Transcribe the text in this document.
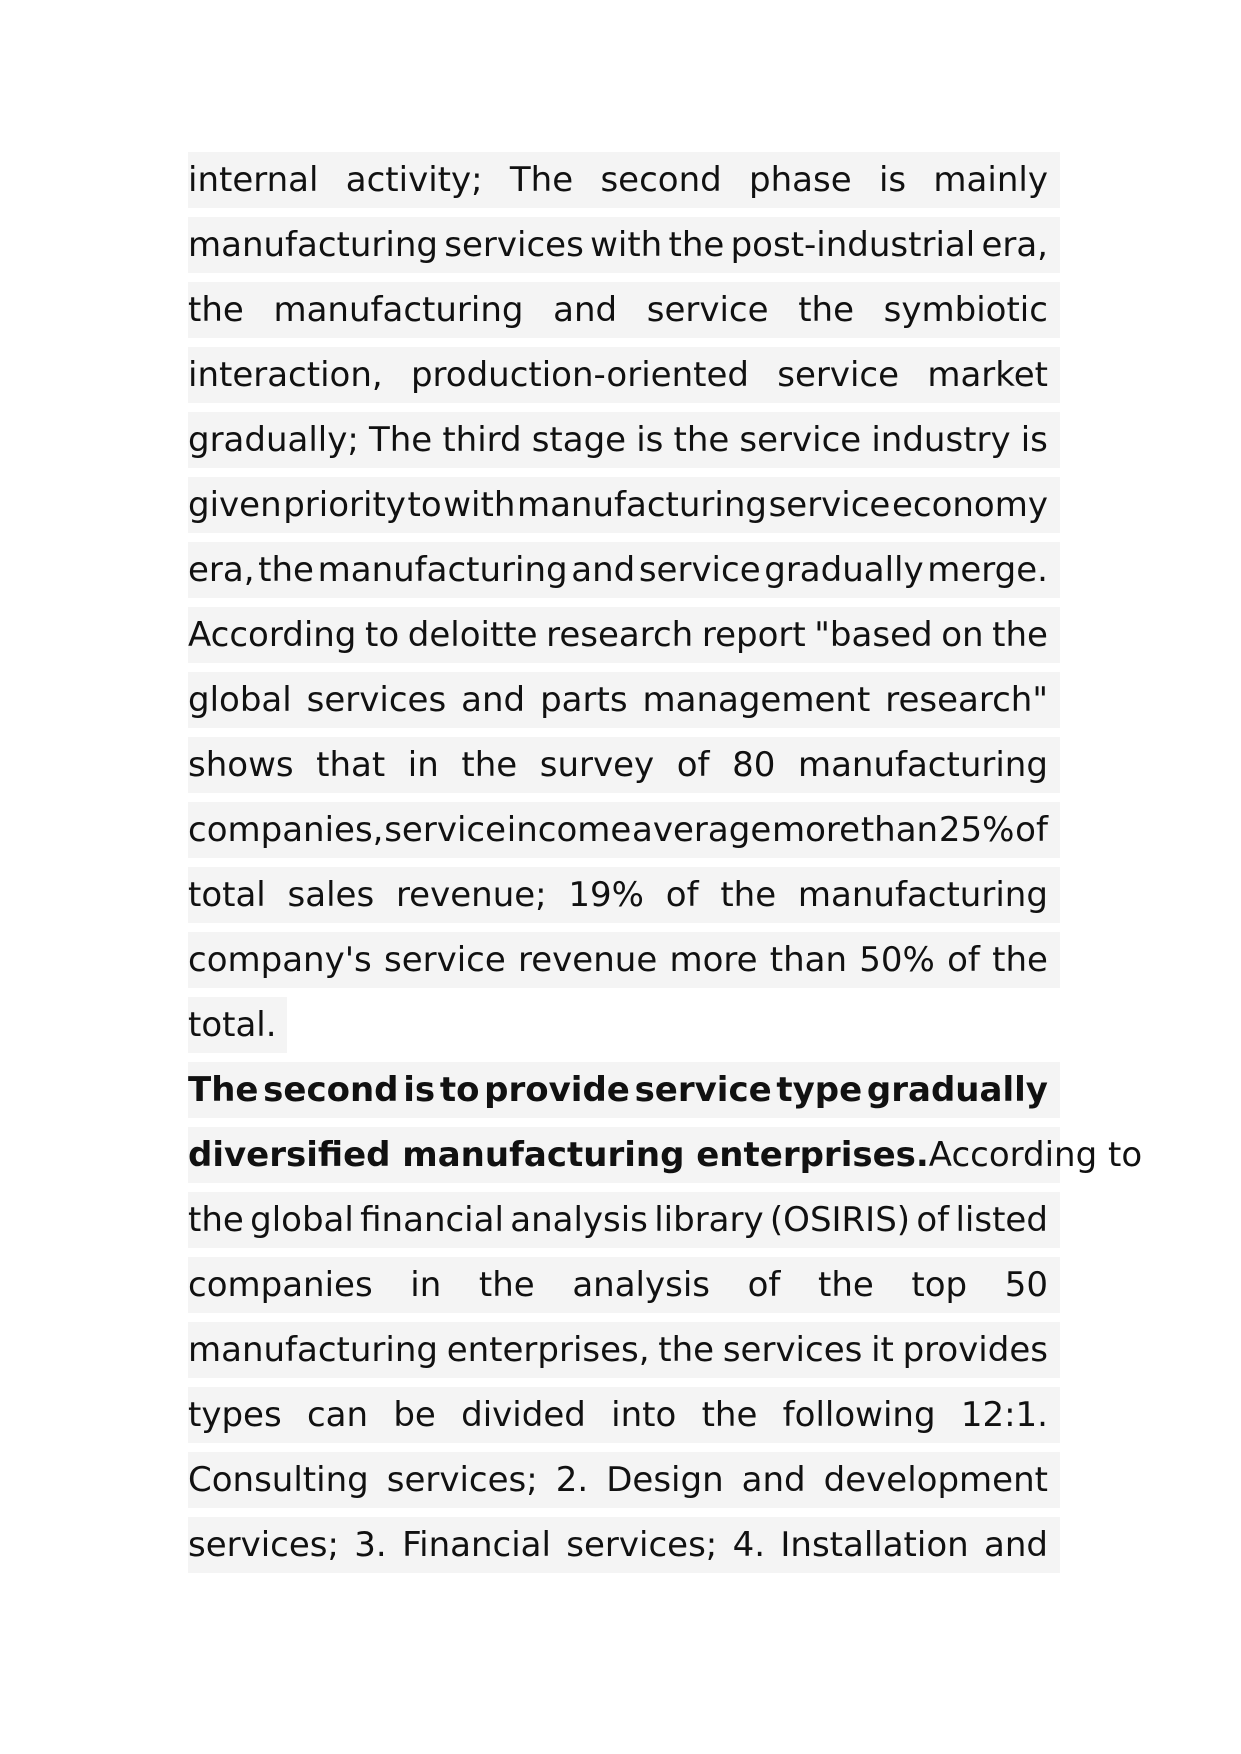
internal activity; The second phase is mainly
manufacturing services with the post-industrial era,
the manufacturing and service the symbiotic
interaction, production-oriented service market
gradually; The third stage is the service industry is
given priority to with manufacturing service economy
era, the manufacturing and service gradually merge.
According to deloitte research report "based on the
global services and parts management research"
shows that in the survey of 80 manufacturing
companies, service income average more than 25% of
total sales revenue; 19% of the manufacturing
company's service revenue more than 50% of the
total.
The second is to provide service type gradually
diversified manufacturing enterprises. According to
the global financial analysis library (OSIRIS) of listed
companies in the analysis of the top 50
manufacturing enterprises, the services it provides
types can be divided into the following 12:1.
Consulting services; 2. Design and development
services; 3. Financial services; 4. Installation and
